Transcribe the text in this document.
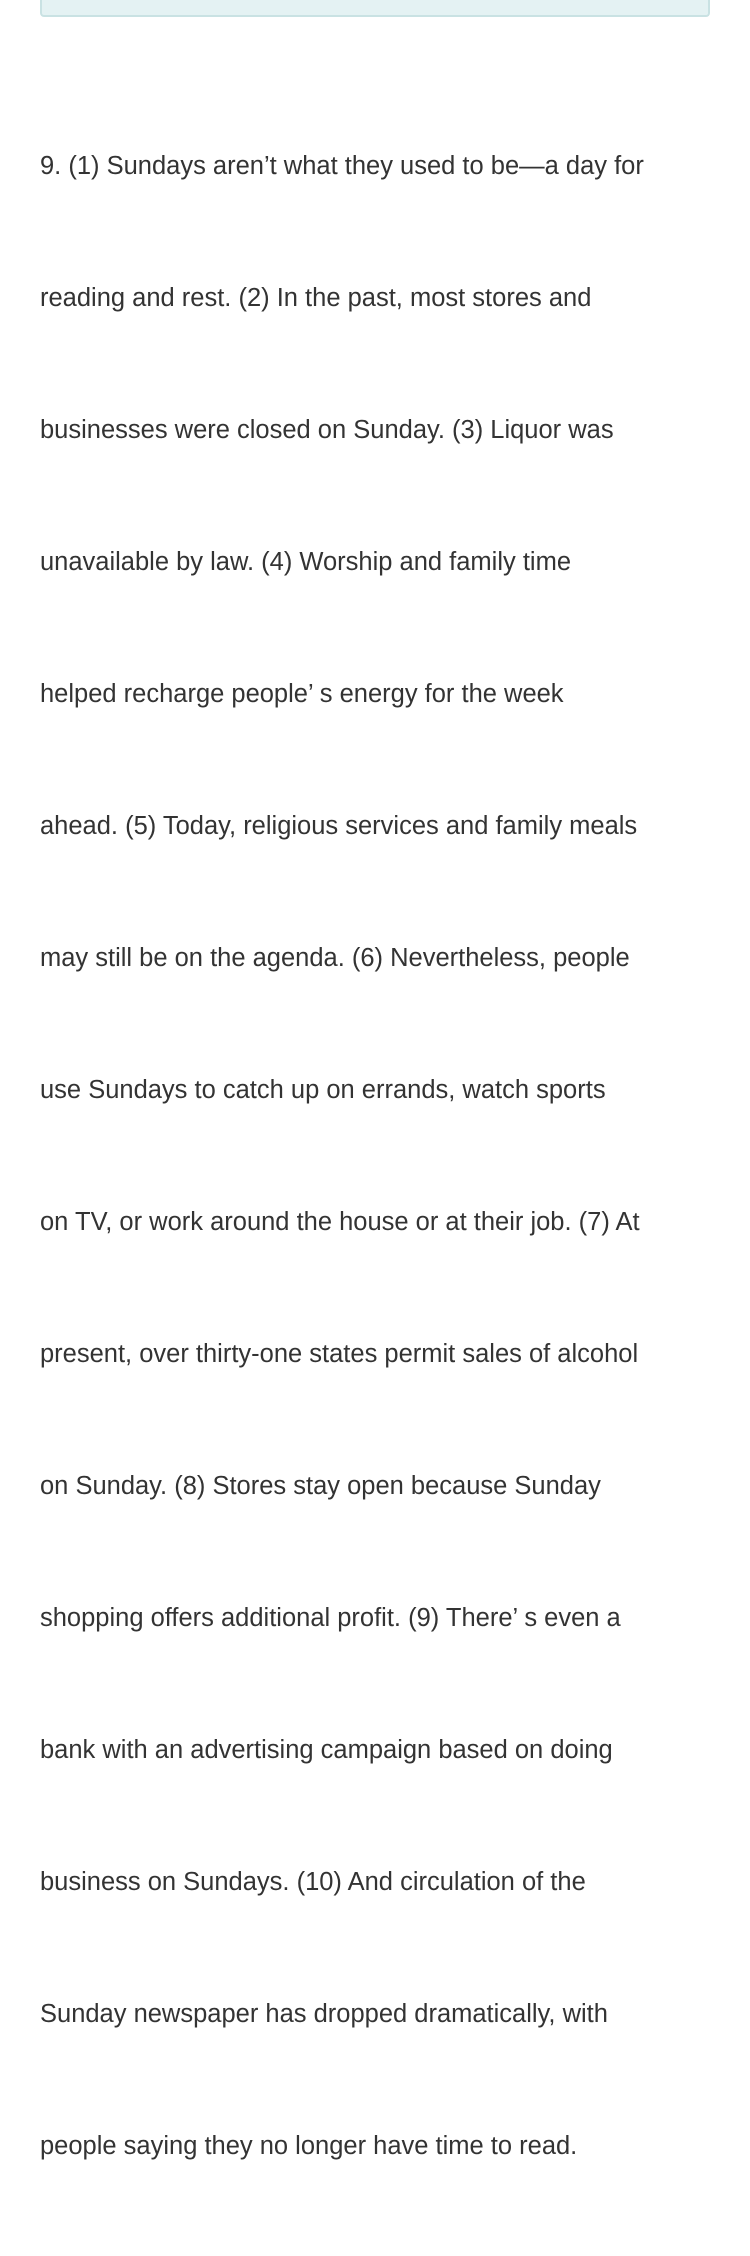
9. (1) Sundays aren’t what they used to be—a day for

reading and rest. (2) In the past, most stores and

businesses were closed on Sunday. (3) Liquor was

unavailable by law. (4) Worship and family time

helped recharge people’ s energy for the week

ahead. (5) Today, religious services and family meals

may still be on the agenda. (6) Nevertheless, people

use Sundays to catch up on errands, watch sports

on TV, or work around the house or at their job. (7) At

present, over thirty-one states permit sales of alcohol

on Sunday. (8) Stores stay open because Sunday

shopping offers additional profit. (9) There’ s even a

bank with an advertising campaign based on doing

business on Sundays. (10) And circulation of the

Sunday newspaper has dropped dramatically, with

people saying they no longer have time to read.
